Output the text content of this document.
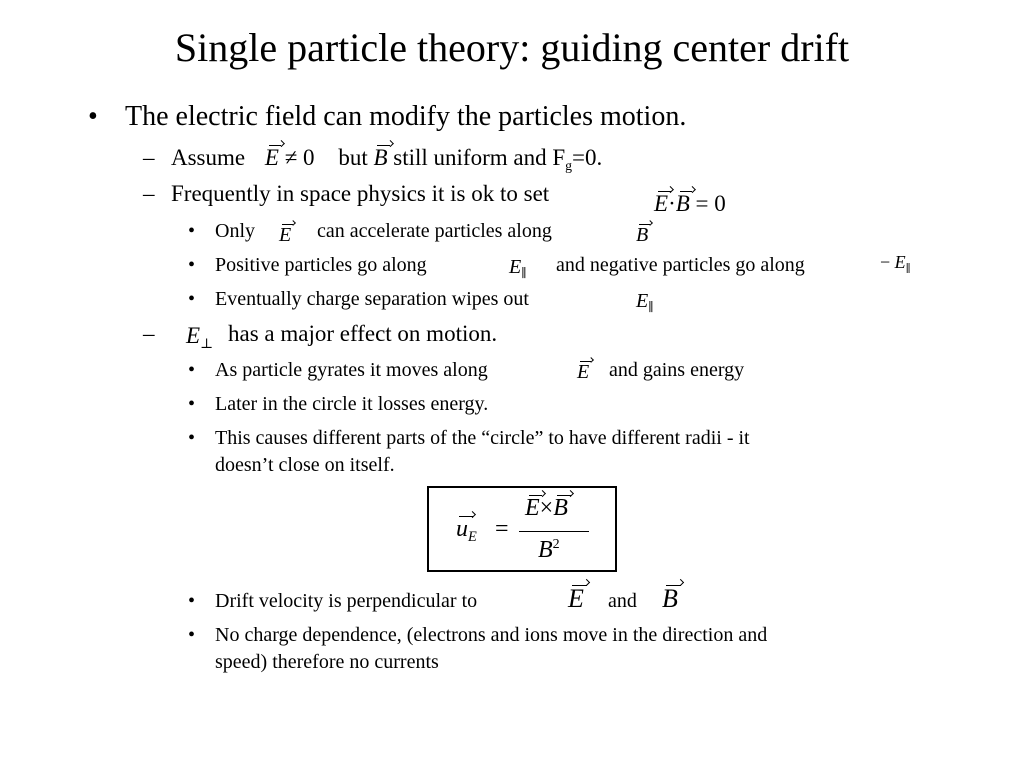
Single particle theory: guiding center drift
• The electric field can modify the particles motion.
– Assume E ≠ 0 but B still uniform and $F_g=0$.
– Frequently in space physics it is ok to set	E·B = 0
• Only E can accelerate particles along	B
• Positive particles go along	$E_\parallel$ and negative particles go along	− $E_\parallel$
• Eventually charge separation wipes out	$E_\parallel$
– $E_\perp$ has a major effect on motion.
• As particle gyrates it moves along	E and gains energy
• Later in the circle it losses energy.
• This causes different parts of the “circle” to have different radii - it
doesn’t close on itself.
$u_E$ =
E×B
$B^2$
• Drift velocity is perpendicular to	E and B
• No charge dependence, (electrons and ions move in the direction and
speed) therefore no currents
